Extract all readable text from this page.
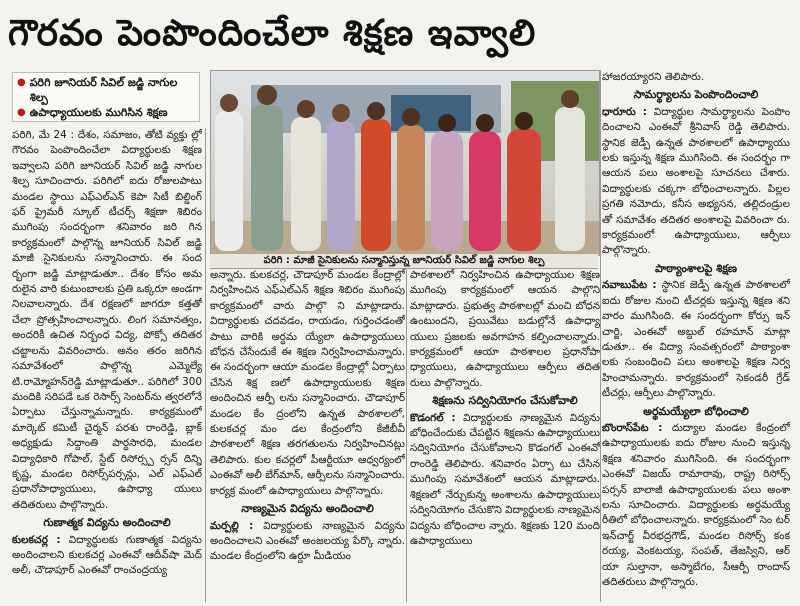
గౌరవం పెంపొందించేలా శిక్షణ ఇవ్వాలి
● పరిగి జూనియర్ సివిల్ జడ్జి నాగుల శిల్ప
● ఉపాధ్యాయులకు ముగిసిన శిక్షణ

పరిగి, మే 24 : దేశం, సమాజం, తోటి వ్యక్తు ల్లో గౌరవం పెంపొందించేలా విద్యార్థులకు శిక్షణ ఇవ్వాలని పరిగి జూనియర్ సివిల్ జడ్జి నాగుల శిల్ప సూచించారు. పరిగిలో ఐదు రోజులపాటు మండల స్థాయి ఎఫ్ఎల్ఎన్ కెపా సిటీ బిల్డింగ్ ఫర్ ప్రైమరీ స్కూల్ టీచర్స్ శిక్షణా శిబిరం ముగింపు సందర్భంగా శనివారం జరి గిన కార్యక్రమంలో పాల్గొన్న జూనియర్ సివిల్ జడ్జి మాజీ సైనికులను సన్మానించారు. ఈ సంద ర్భంగా జడ్జి మాట్లాడుతూ.. దేశం కోసం అమ రులైన వారి కుటుంబాలకు ప్రతి ఒక్కరూ అండగా నిలవాలన్నారు. దేశ రక్షణలో జాగరూ కత్తతో చేలా ప్రోత్సహించాలన్నారు. లింగ సమానత్వం, అందరికీ ఉచిత నిర్బంధ విద్య, పోక్సో తదితర చట్టాలను వివరించారు. అనం తరం జరిగిన సమావేశంలో పాల్గొన్న ఎమ్మెల్యే టి.రామ్మోహన్‌రెడ్డి మాట్లాడుతూ.. పరిగిలో 300 మందికి సరిపడే ఒక రెసార్స్ సెంటర్‌ను త్వరలోనే ఏర్పాటు చేస్తున్నామన్నారు. కార్యక్రమంలో మార్కెట్ కమిటీ చైర్మన్ పరశు రాంరెడ్డి, బ్లాక్ అధ్యక్షుడు సిద్దాంతి పార్థసారధి, మండల విద్యాధికారి గోపాల్, స్టేట్ రిసోర్స్ప ర్సన్ దిన్ని కృష్ణ, మండల రిసోర్స్‌పర్సన్లు, ఎల్ ఎఫ్ఎల్ ప్రధానోపాధ్యాయులు, ఉపాధ్యా యులు తదితరులు పాల్గొన్నారు.

గుణాత్మక విద్యను అందించాలి

కులకచర్ల : విద్యార్థులకు గుణాత్మక విద్యను అందించాలని కులకచర్ల ఎంఈవో ఆదీవ్‌షా మెద్ అలీ, చౌడాపూర్ ఎంఈవో రాంచంద్రయ్య

పరిగి : మాజీ సైనికులను సన్మానిస్తున్న జూనియర్ సివిల్ జడ్జి నాగుల శిల్ప

అన్నారు. కులకచర్ల, చౌడాపూర్ మండల కేంద్రాల్లో నిర్వహించిన ఎఫ్ఎల్ఎన్ శిక్షణ శిబిరం ముగింపు కార్యక్రమంలో వారు పాల్గొ ని మాట్లాడారు. విద్యార్థులకు చదవడం, రాయడం, గుర్తించడంతో పాటు వారికి అర్థమ య్యేలా ఉపాధ్యాయులు బోధన చేసేందుకే ఈ శిక్షణ నిర్వహించామన్నారు. ఈ సందర్భంగా ఆయా మండల కేంద్రాల్లో ఏర్పాటు చేసిన శిక్ష ణలో ఉపాధ్యాయులకు శిక్షణ అందించిన ఆర్పీ లను సన్మానించారు. చౌడాపూర్ మండల కేం ద్రంలోని ఉన్నత పాఠశాలలో, కులకచర్ల మం డల కేంద్రంలోని కేజీబీవీ పాఠశాలలో శిక్షణ తరగతులను నిర్వహించినట్లు తెలిపారు. కుల కచర్లలో పీఆర్టీయూ ఆధ్వర్యంలో ఎంఈవో అలీ బేగ్‌మాన్, ఆర్పీలను సన్మానించారు. కార్యక్ర మంలో ఉపాధ్యాయులు పాల్గొన్నారు.

నాణ్యమైన విద్యను అందించాలి

మర్పల్లి : విద్యార్థులకు నాణ్యమైన విద్యను అందించాలని ఎంఈవో అంజలయ్య పేర్కొ న్నారు. మండల కేంద్రంలోని ఉర్దూ మీడియం

పాఠశాలలో నిర్వహించిన ఉపాధ్యాయుల శిక్షణ ముగింపు కార్యక్రమంలో ఆయన పాల్గొని మాట్లాడారు. ప్రభుత్వ పాఠశాలల్లో మంచి బోధన ఉంటుందని, ప్రయివేటు బడుల్లోనే ఉపాధ్యా యులు ప్రజలకు అవగాహన కల్పించాలన్నారు. కార్యక్రమంలో ఆయా పాఠశాలల ప్రధానోపా ధ్యాయులు, ఉపాధ్యాయులు ఆర్పీలు తదిత రులు పాల్గొన్నారు.

శిక్షణను సద్వినియోగం చేసుకోవాలి

కొడంగల్ : విద్యార్థులకు నాణ్యమైన విద్యను బోధించేందుకు చేపట్టిన శిక్షణను ఉపాధ్యాయులు సద్వినియోగం చేసుకోవాలని కొడంగల్ ఎంఈవో రాంరెడ్డి తెలిపారు. శనివారం ఏర్పా టు చేసిన ముగింపు సమావేశంలో ఆయన మాట్లాడారు. శిక్షణలో నేర్చుకున్న అంశాలను ఉపాధ్యాయులు సద్వినియోగం చేసుకొని విద్యార్థులకు నాణ్యమైన విద్యను బోధించాల న్నారు. శిక్షణకు 120 మంది ఉపాధ్యాయులు

హాజరయ్యారని తెలిపారు.

సామర్థ్యాలను పెంపొందించాలి

ధారూరు : విద్యార్థుల సామర్థ్యాలను పెంపొం దించాలని ఎంఈవో శ్రీనివాస్ రెడ్డి తెలిపారు. స్థానిక జెడ్పీ ఉన్నత పాఠశాలలో ఉపాధ్యాయు లకు ఇస్తున్న శిక్షణ ముగిసింది. ఈ సందర్భం గా ఆయన పలు అంశాలపై సూచనలు చేశారు. విద్యార్థులకు చక్కగా బోధించాలన్నారు. పిల్లల ప్రగతి నమోదు, కనీస అభ్యసన, తల్లిదండ్రుల తో సమావేశం తదితర అంశాలపై వివరించా రు. కార్యక్రమంలో ఉపాధ్యాయులు, ఆర్పీలు పాల్గొన్నారు.

పాఠ్యాంశాలపై శిక్షణ

నవాబుపేట : స్థానిక జెడ్పీ ఉన్నత పాఠశాలలో ఐదు రోజుల నుంచి టీచర్లకు ఇస్తున్న శిక్షణ శని వారం ముగిసింది. ఈ సందర్భంగా కోర్సు ఇన్ చార్జి, ఎంఈవో అబ్దుల్ రహమాన్ మాట్లా డుతూ.. ఈ విద్యా సంవత్సరంలో పాఠ్యాంశా లకు సంబంధించి పలు అంశాలపై శిక్షణ నిర్వ హించామన్నారు. కార్యక్రమంలో సెకండరీ గ్రేడ్ టీచర్లు, ఆర్పీలు పాల్గొన్నారు.

అర్థమయ్యేలా బోధించాలి

బొంరాస్‌పేట : దుద్యాల మండల కేంద్రంలో ఉపాధ్యాయులకు ఐదు రోజుల నుంచి ఇస్తున్న శిక్షణ శనివారం ముగిసింది. ఈ సందర్భంగా ఎంఈవో విజయ్ రామారావు, రాష్ట్ర రిసోర్స్ పర్సన్ బాలాజీ ఉపాధ్యాయులకు పలు అంశా లను సూచించారు. విద్యార్థులకు అర్థమయ్యే రీతిలో బోధించాలన్నారు. కార్యక్రమంలో సెం టర్ ఇన్‌చార్జ్ వీరభద్రగౌడ్, మండల రిసోర్స్ కంక రయ్య, వెంకటయ్య, సంపత్, తేజస్విని, ఆర్ యా సుల్తానా, అస్మాబేగం, సీఆర్పీ రాందాస్ తదితరులు పాల్గొన్నారు.
